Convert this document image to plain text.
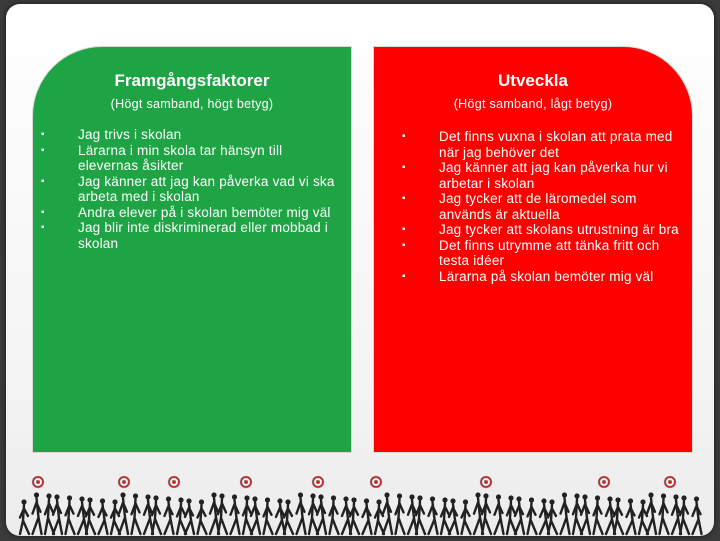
Framgångsfaktorer
(Högt samband, högt betyg)
▪ Jag trivs i skolan
▪ Lärarna i min skola tar hänsyn till elevernas åsikter
▪ Jag känner att jag kan påverka vad vi ska arbeta med i skolan
▪ Andra elever på i skolan bemöter mig väl
▪ Jag blir inte diskriminerad eller mobbad i skolan
Utveckla
(Högt samband, lågt betyg)
▪ Det finns vuxna i skolan att prata med när jag behöver det
▪ Jag känner att jag kan påverka hur vi arbetar i skolan
▪ Jag tycker att de läromedel som används är aktuella
▪ Jag tycker att skolans utrustning är bra
▪ Det finns utrymme att tänka fritt och testa idéer
▪ Lärarna på skolan bemöter mig väl
